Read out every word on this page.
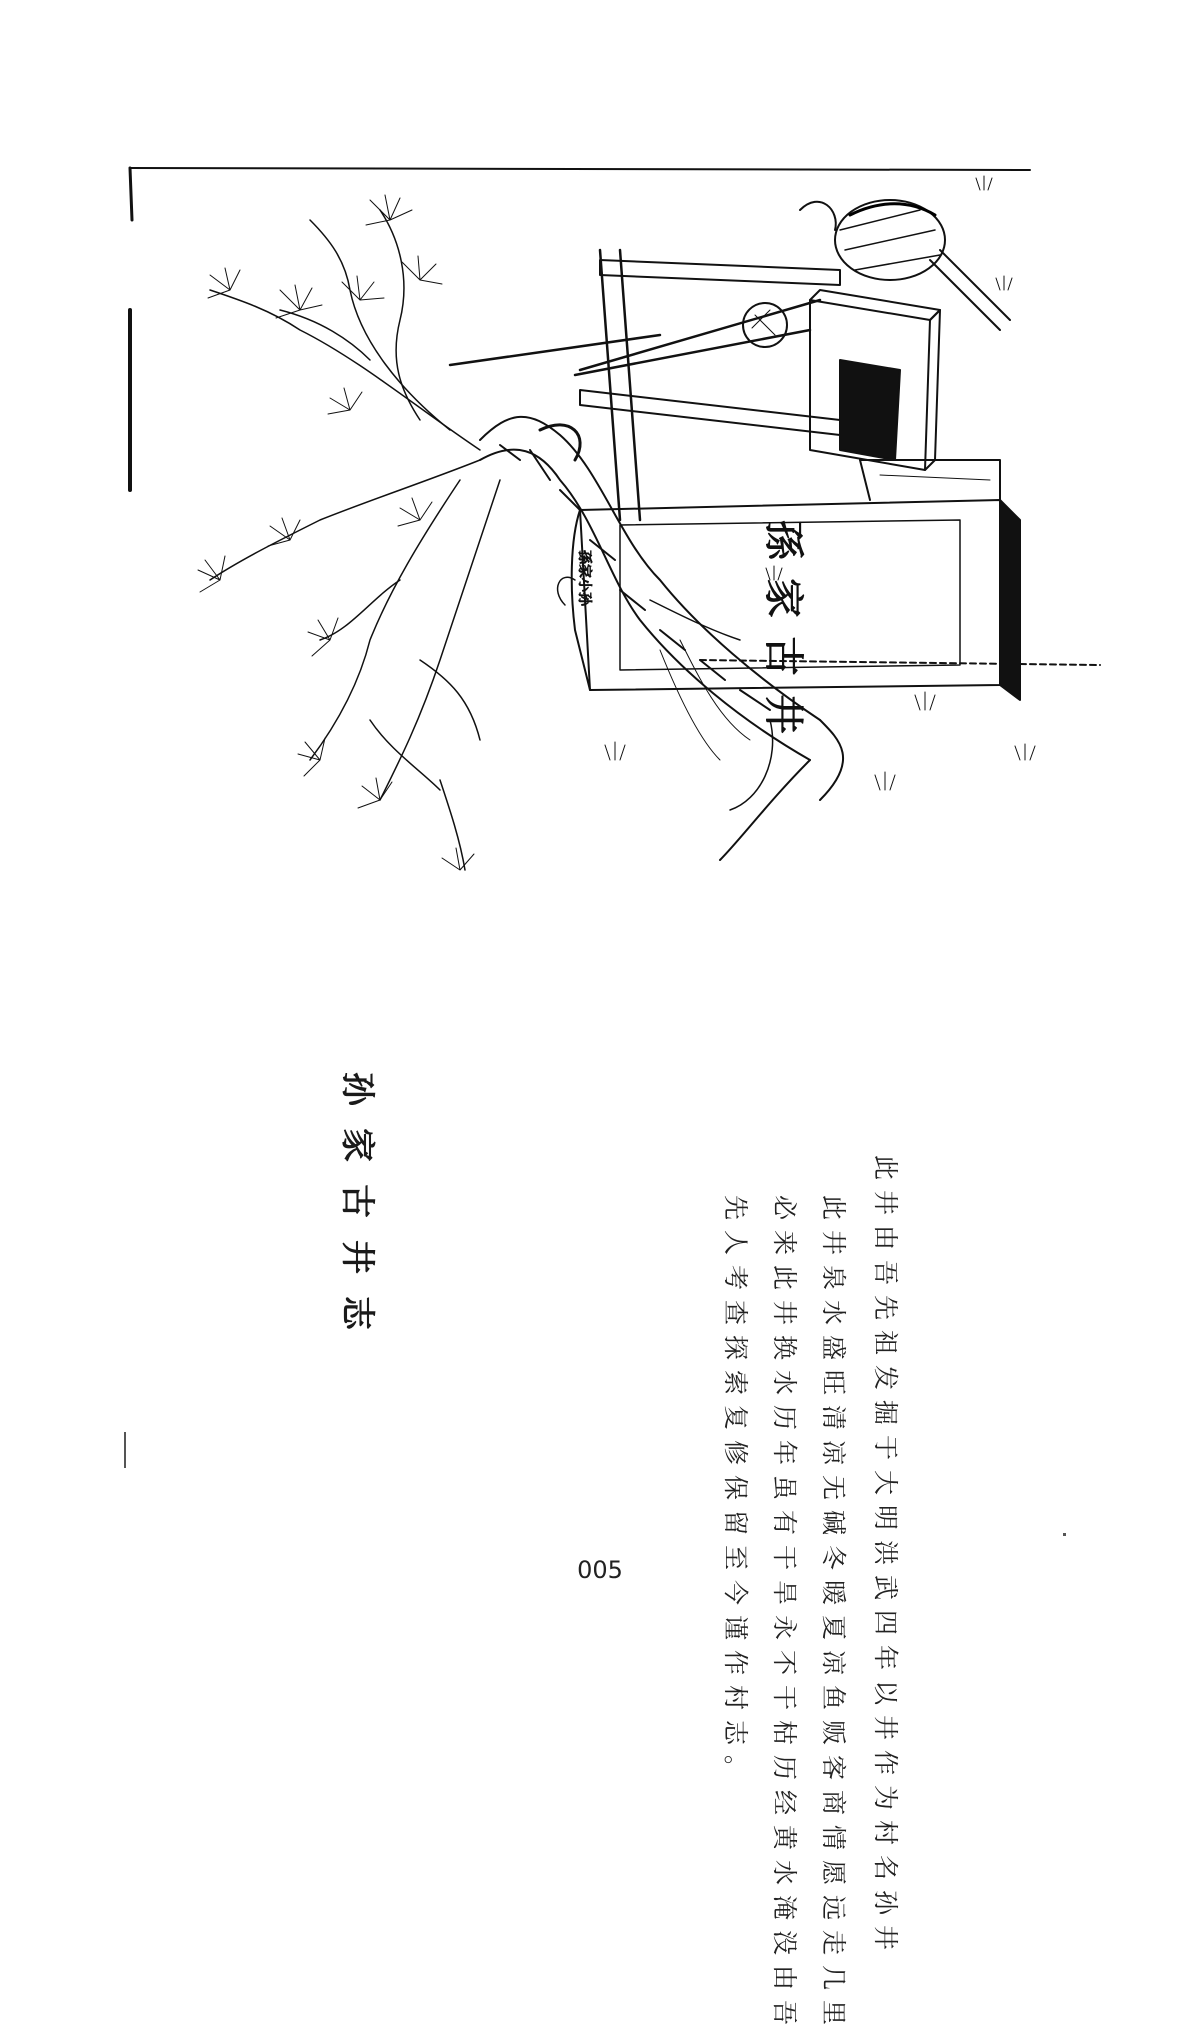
孫家古井
孫家小孙
孙家古井志	此井由吾先祖发掘于大明洪武四年以井作为村名孙井
此井泉水盛旺清凉无碱冬暖夏凉鱼贩客商情愿远走几里
必来此井换水历年虽有干旱永不干枯历经黄水淹没由吾
先人考查探索复修保留至今谨作村志。
005
